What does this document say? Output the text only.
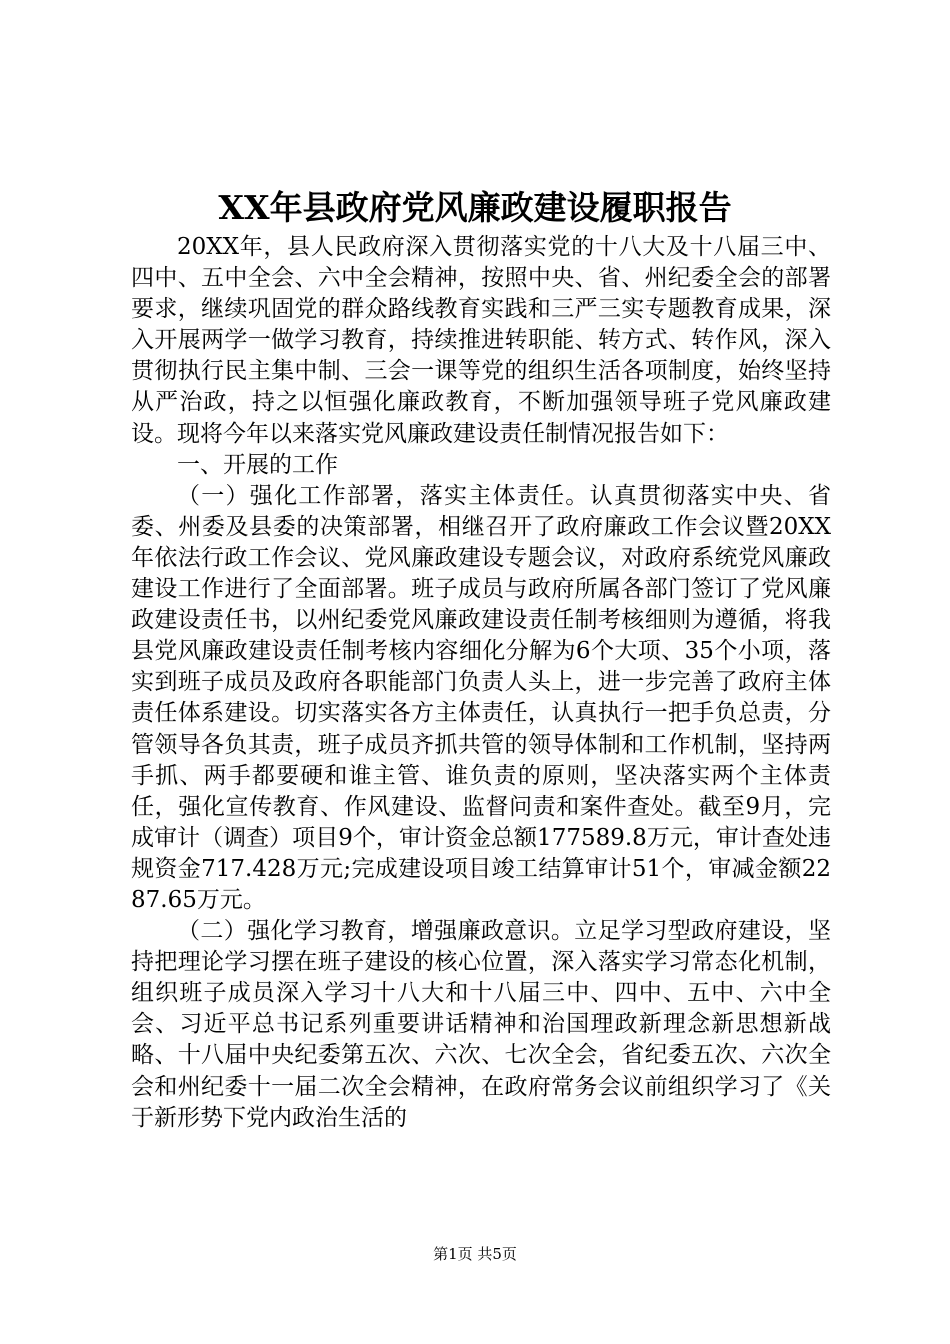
XX年县政府党风廉政建设履职报告

20XX年，县人民政府深入贯彻落实党的十八大及十八届三中、四中、五中全会、六中全会精神，按照中央、省、州纪委全会的部署要求，继续巩固党的群众路线教育实践和三严三实专题教育成果，深入开展两学一做学习教育，持续推进转职能、转方式、转作风，深入贯彻执行民主集中制、三会一课等党的组织生活各项制度，始终坚持从严治政，持之以恒强化廉政教育，不断加强领导班子党风廉政建设。现将今年以来落实党风廉政建设责任制情况报告如下：

一、开展的工作

（一）强化工作部署，落实主体责任。认真贯彻落实中央、省委、州委及县委的决策部署，相继召开了政府廉政工作会议暨20XX年依法行政工作会议、党风廉政建设专题会议，对政府系统党风廉政建设工作进行了全面部署。班子成员与政府所属各部门签订了党风廉政建设责任书，以州纪委党风廉政建设责任制考核细则为遵循，将我县党风廉政建设责任制考核内容细化分解为6个大项、35个小项，落实到班子成员及政府各职能部门负责人头上，进一步完善了政府主体责任体系建设。切实落实各方主体责任，认真执行一把手负总责，分管领导各负其责，班子成员齐抓共管的领导体制和工作机制，坚持两手抓、两手都要硬和谁主管、谁负责的原则，坚决落实两个主体责任，强化宣传教育、作风建设、监督问责和案件查处。截至9月，完成审计（调查）项目9个，审计资金总额177589.8万元，审计查处违规资金717.428万元;完成建设项目竣工结算审计51个，审减金额2287.65万元。

（二）强化学习教育，增强廉政意识。立足学习型政府建设，坚持把理论学习摆在班子建设的核心位置，深入落实学习常态化机制，组织班子成员深入学习十八大和十八届三中、四中、五中、六中全会、习近平总书记系列重要讲话精神和治国理政新理念新思想新战略、十八届中央纪委第五次、六次、七次全会，省纪委五次、六次全会和州纪委十一届二次全会精神，在政府常务会议前组织学习了《关于新形势下党内政治生活的

第1页 共5页
